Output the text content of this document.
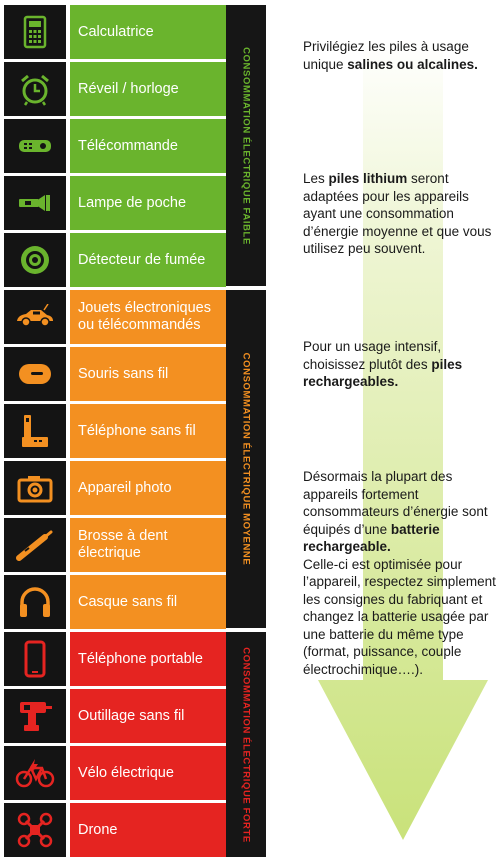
Calculatrice
Réveil / horloge
Télécommande
Lampe de poche
Détecteur de fumée
Jouets électroniques ou télécommandés
Souris sans fil
Téléphone sans fil
Appareil photo
Brosse à dent électrique
Casque sans fil
Téléphone portable
Outillage sans fil
Vélo électrique
Drone
CONSOMMATION ÉLECTRIQUE FAIBLE
CONSOMMATION ÉLECTRIQUE MOYENNE
CONSOMMATION ÉLECTRIQUE FORTE
Privilégiez les piles à usage unique salines ou alcalines.
Les piles lithium seront adaptées pour les appareils ayant une consommation d’énergie moyenne et que vous utilisez peu souvent.
Pour un usage intensif, choisissez plutôt des piles rechargeables.
Désormais la plupart des appareils fortement consommateurs d’énergie sont  équipés d’une batterie rechargeable.
Celle-ci est optimisée pour l’appareil, respectez simplement les consignes du fabriquant et changez la batterie usagée par une batterie du même type (format, puissance, couple électrochimique….).
